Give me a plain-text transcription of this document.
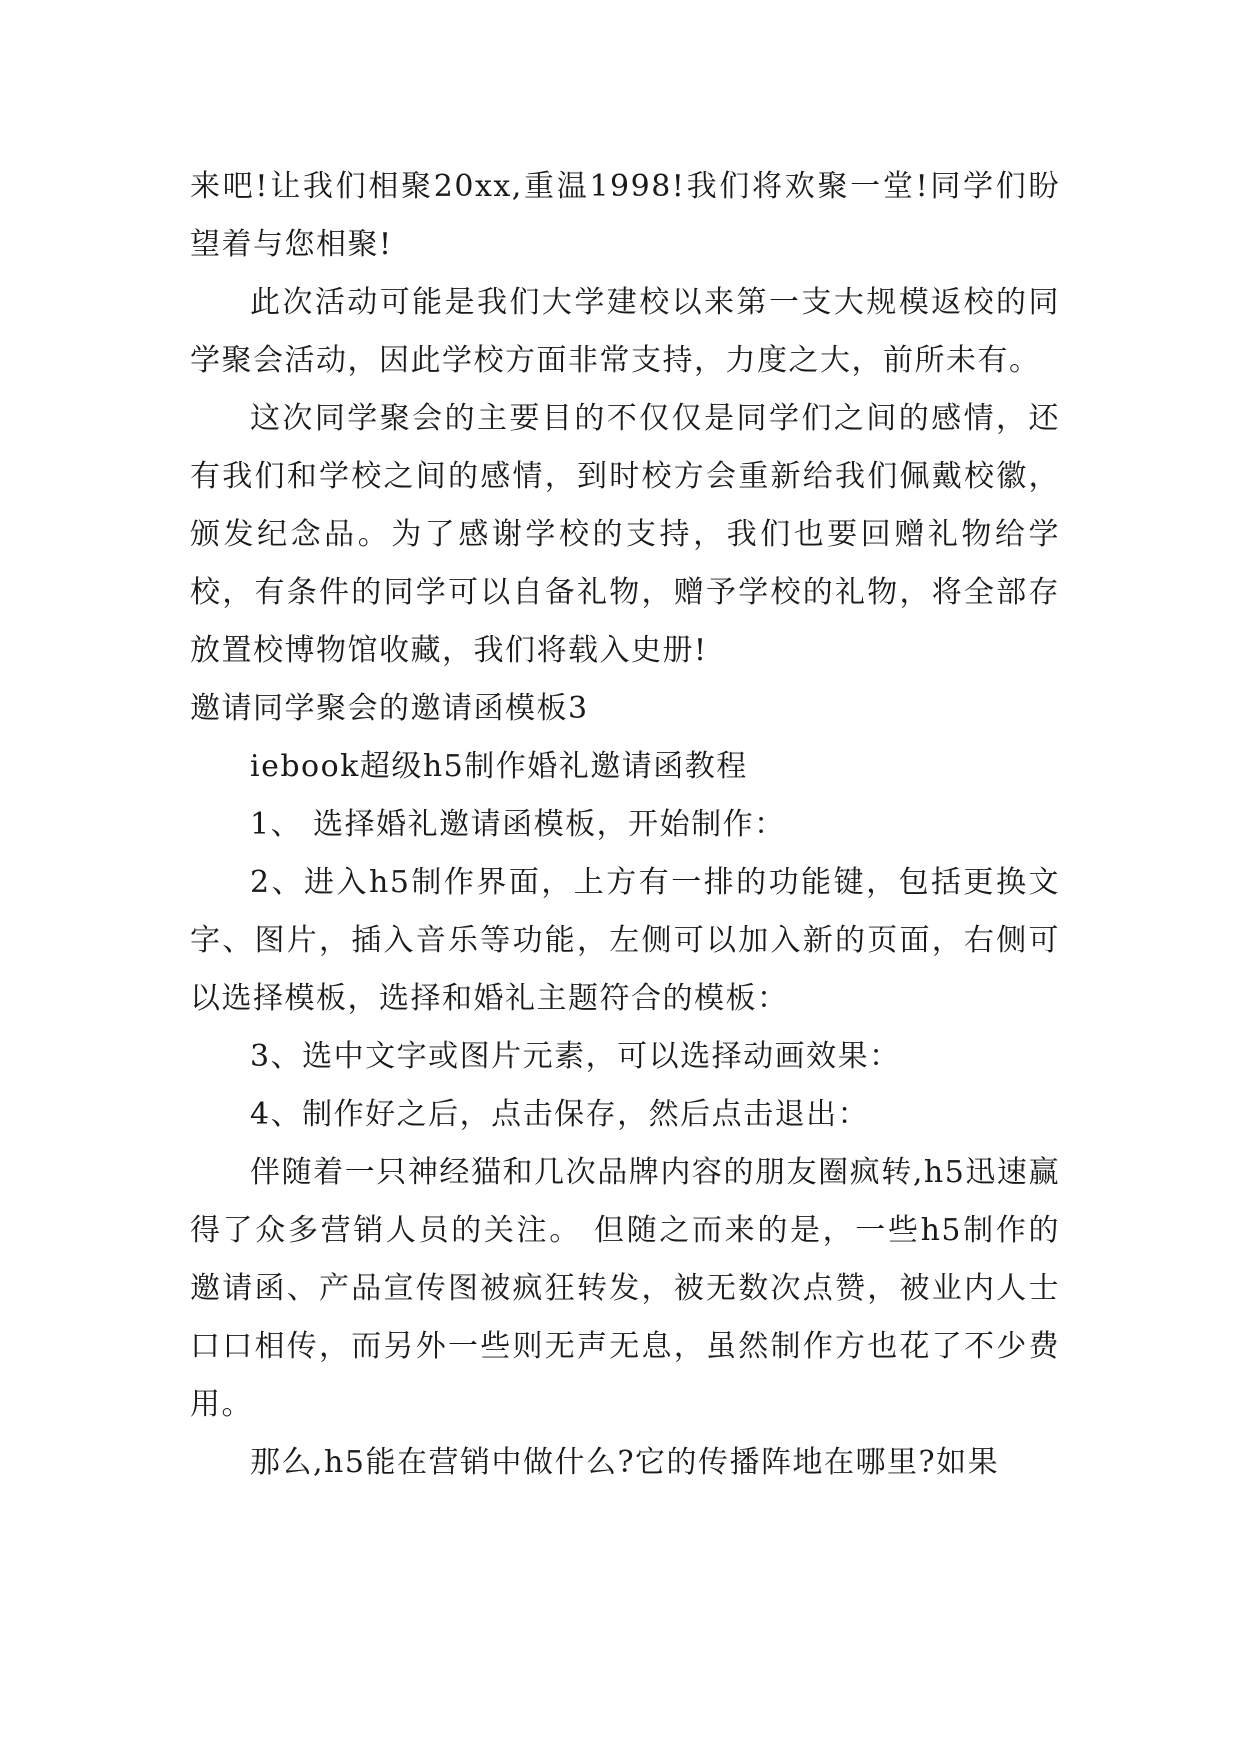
来吧!让我们相聚20xx,重温1998!我们将欢聚一堂!同学们盼望着与您相聚!

此次活动可能是我们大学建校以来第一支大规模返校的同学聚会活动，因此学校方面非常支持，力度之大，前所未有。

这次同学聚会的主要目的不仅仅是同学们之间的感情，还有我们和学校之间的感情，到时校方会重新给我们佩戴校徽，颁发纪念品。为了感谢学校的支持，我们也要回赠礼物给学校，有条件的同学可以自备礼物，赠予学校的礼物，将全部存放置校博物馆收藏，我们将载入史册!

邀请同学聚会的邀请函模板3

iebook超级h5制作婚礼邀请函教程

1、 选择婚礼邀请函模板，开始制作：

2、进入h5制作界面，上方有一排的功能键，包括更换文字、图片，插入音乐等功能，左侧可以加入新的页面，右侧可以选择模板，选择和婚礼主题符合的模板：

3、选中文字或图片元素，可以选择动画效果：

4、制作好之后，点击保存，然后点击退出：

伴随着一只神经猫和几次品牌内容的朋友圈疯转,h5迅速赢得了众多营销人员的关注。 但随之而来的是，一些h5制作的邀请函、产品宣传图被疯狂转发，被无数次点赞，被业内人士口口相传，而另外一些则无声无息，虽然制作方也花了不少费用。

那么,h5能在营销中做什么?它的传播阵地在哪里?如果
